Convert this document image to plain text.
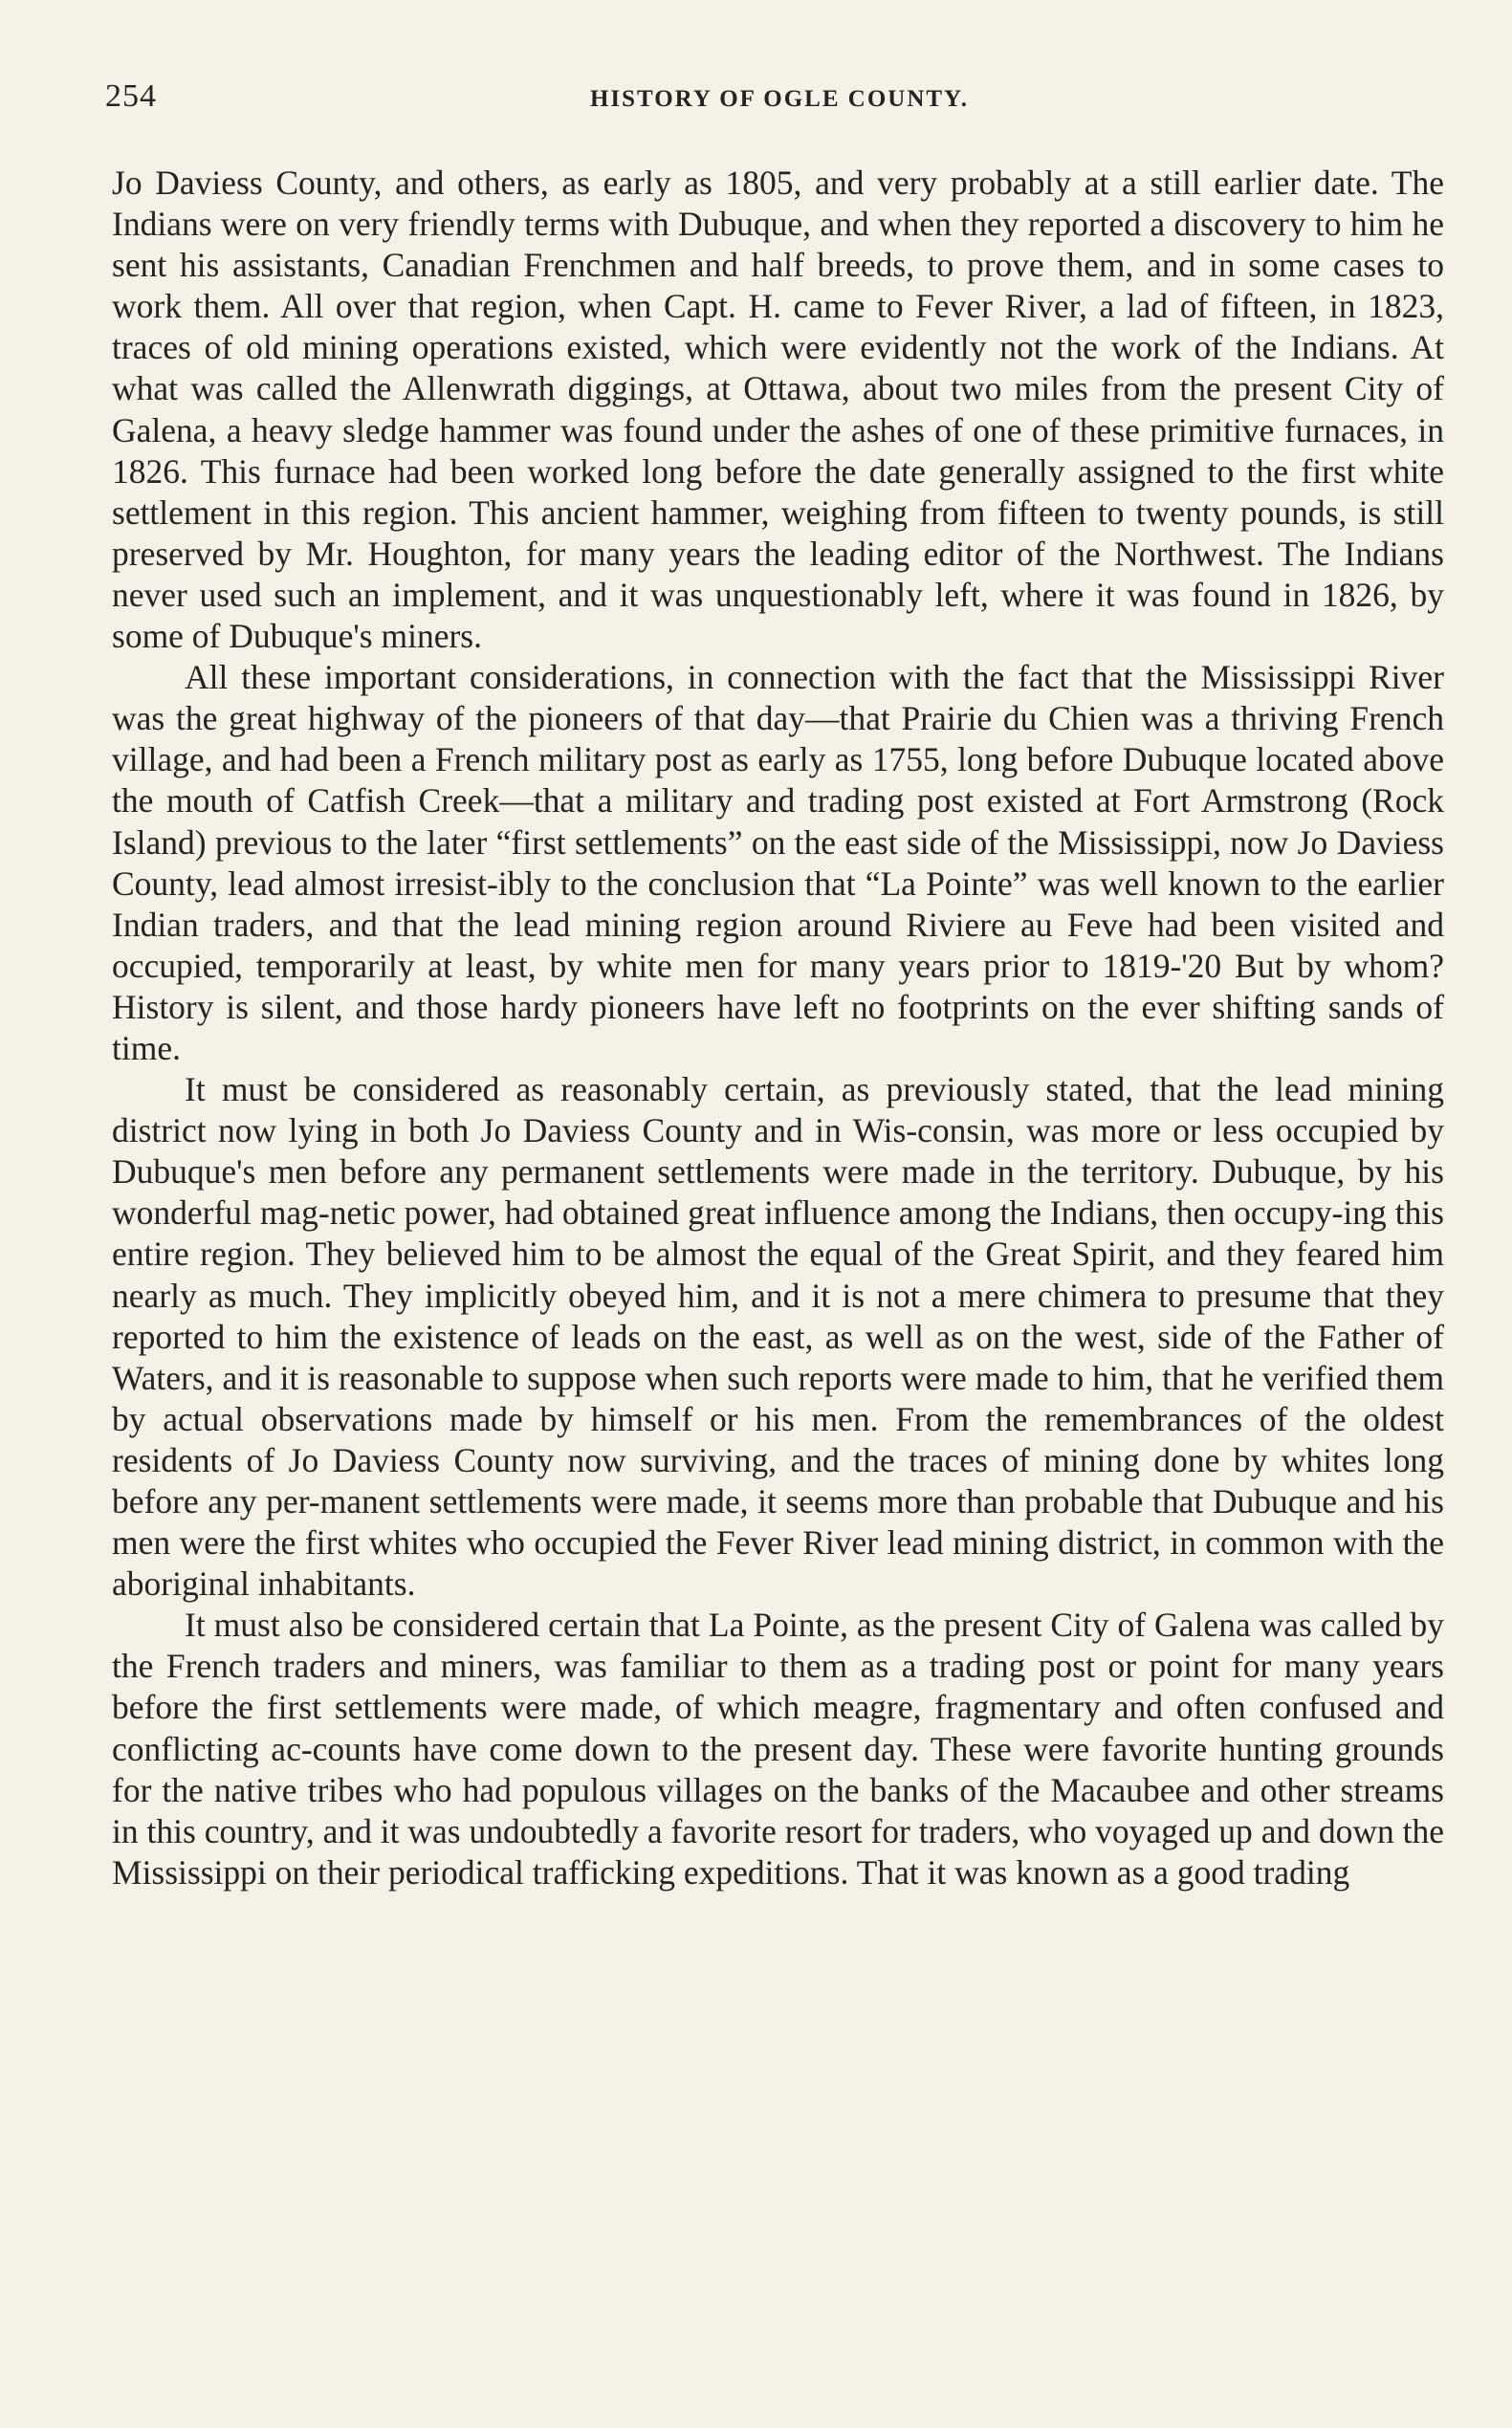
254	HISTORY OF OGLE COUNTY.

Jo Daviess County, and others, as early as 1805, and very probably at a still earlier date. The Indians were on very friendly terms with Dubuque, and when they reported a discovery to him he sent his assistants, Canadian Frenchmen and half breeds, to prove them, and in some cases to work them. All over that region, when Capt. H. came to Fever River, a lad of fifteen, in 1823, traces of old mining operations existed, which were evidently not the work of the Indians. At what was called the Allenwrath diggings, at Ottawa, about two miles from the present City of Galena, a heavy sledge hammer was found under the ashes of one of these primitive furnaces, in 1826. This furnace had been worked long before the date generally assigned to the first white settlement in this region. This ancient hammer, weighing from fifteen to twenty pounds, is still preserved by Mr. Houghton, for many years the leading editor of the Northwest. The Indians never used such an implement, and it was unquestionably left, where it was found in 1826, by some of Dubuque's miners.

All these important considerations, in connection with the fact that the Mississippi River was the great highway of the pioneers of that day—that Prairie du Chien was a thriving French village, and had been a French military post as early as 1755, long before Dubuque located above the mouth of Catfish Creek—that a military and trading post existed at Fort Armstrong (Rock Island) previous to the later “first settlements” on the east side of the Mississippi, now Jo Daviess County, lead almost irresist-ibly to the conclusion that “La Pointe” was well known to the earlier Indian traders, and that the lead mining region around Riviere au Feve had been visited and occupied, temporarily at least, by white men for many years prior to 1819-'20 But by whom? History is silent, and those hardy pioneers have left no footprints on the ever shifting sands of time.

It must be considered as reasonably certain, as previously stated, that the lead mining district now lying in both Jo Daviess County and in Wis-consin, was more or less occupied by Dubuque's men before any permanent settlements were made in the territory. Dubuque, by his wonderful mag-netic power, had obtained great influence among the Indians, then occupy-ing this entire region. They believed him to be almost the equal of the Great Spirit, and they feared him nearly as much. They implicitly obeyed him, and it is not a mere chimera to presume that they reported to him the existence of leads on the east, as well as on the west, side of the Father of Waters, and it is reasonable to suppose when such reports were made to him, that he verified them by actual observations made by himself or his men. From the remembrances of the oldest residents of Jo Daviess County now surviving, and the traces of mining done by whites long before any per-manent settlements were made, it seems more than probable that Dubuque and his men were the first whites who occupied the Fever River lead mining district, in common with the aboriginal inhabitants.

It must also be considered certain that La Pointe, as the present City of Galena was called by the French traders and miners, was familiar to them as a trading post or point for many years before the first settlements were made, of which meagre, fragmentary and often confused and conflicting ac-counts have come down to the present day. These were favorite hunting grounds for the native tribes who had populous villages on the banks of the Macaubee and other streams in this country, and it was undoubtedly a favorite resort for traders, who voyaged up and down the Mississippi on their periodical trafficking expeditions. That it was known as a good trading
